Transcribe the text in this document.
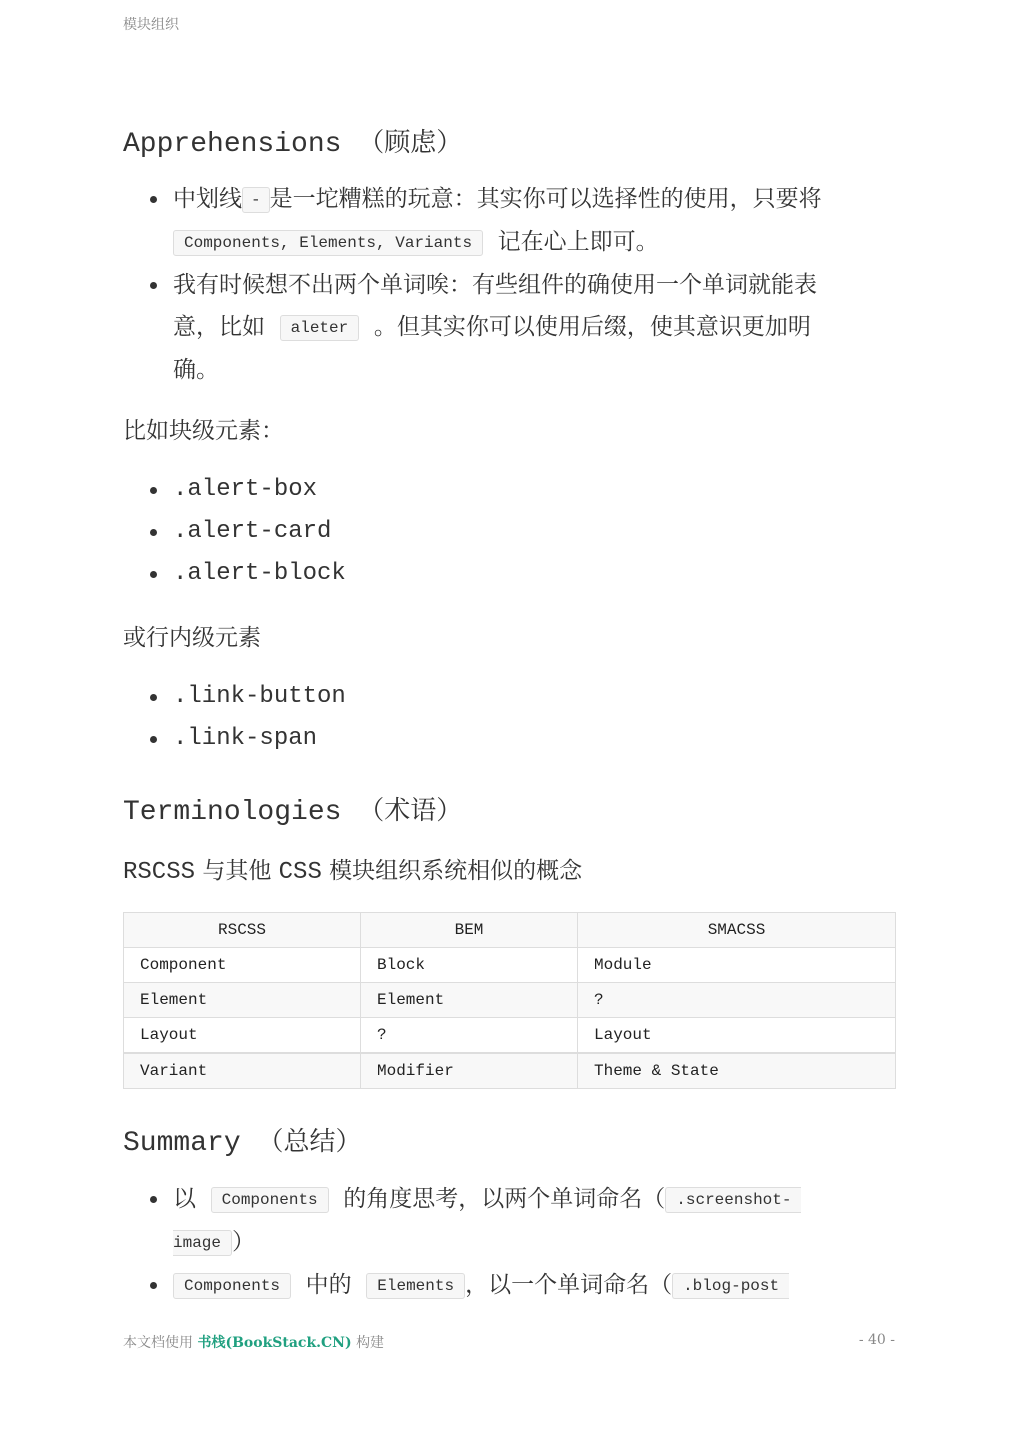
模块组织
Apprehensions （顾虑）
中划线 - 是一坨糟糕的玩意：其实你可以选择性的使用，只要将
Components, Elements, Variants 记在心上即可。
我有时候想不出两个单词唉：有些组件的确使用一个单词就能表
意，比如 aleter 。但其实你可以使用后缀，使其意识更加明
确。

比如块级元素：

.alert-box
.alert-card
.alert-block

或行内级元素

.link-button
.link-span
Terminologies （术语）

RSCSS 与其他 CSS 模块组织系统相似的概念

RSCSS	BEM	SMACSS
Component	Block	Module
Element	Element	?
Layout	?	Layout
Variant	Modifier	Theme & State
Summary （总结）
以 Components 的角度思考，以两个单词命名（ .screenshot-
image ）
Components 中的 Elements ，以一个单词命名（ .blog-post
本文档使用 书栈(BookStack.CN) 构建	- 40 -
